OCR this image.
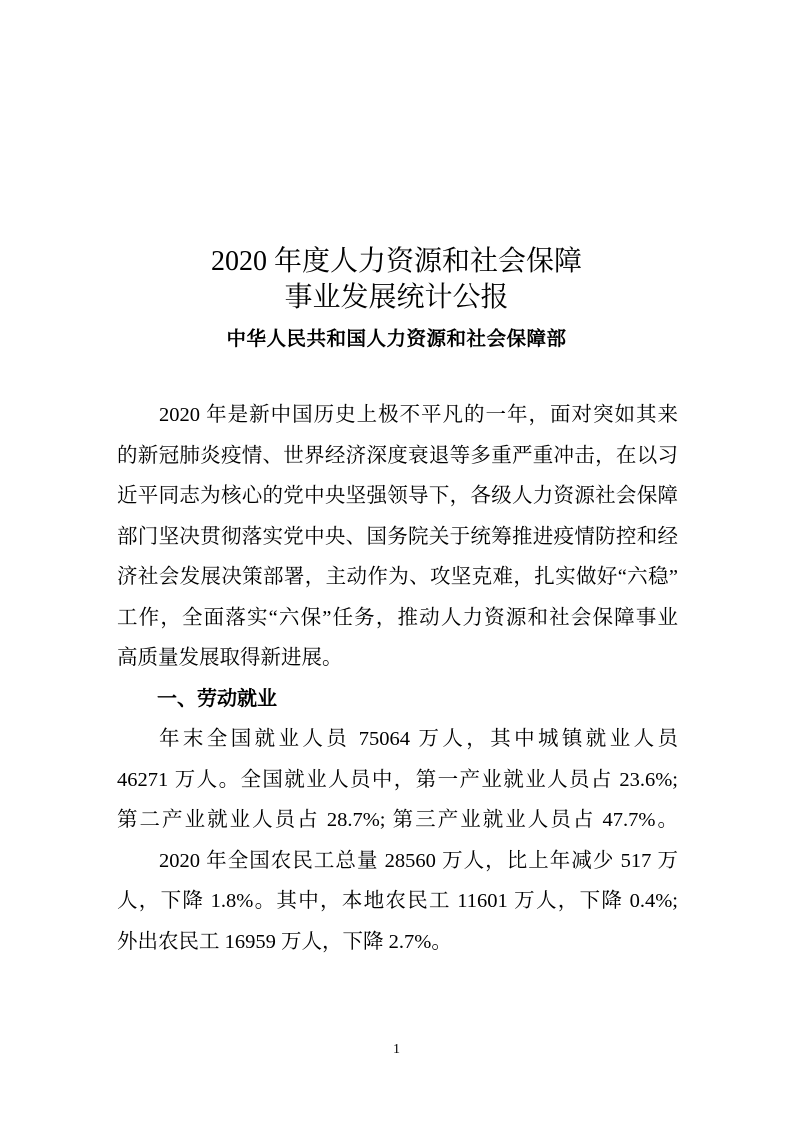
2020 年度人力资源和社会保障
事业发展统计公报
中华人民共和国人力资源和社会保障部
2020 年是新中国历史上极不平凡的一年，面对突如其来
的新冠肺炎疫情、世界经济深度衰退等多重严重冲击，在以习
近平同志为核心的党中央坚强领导下，各级人力资源社会保障
部门坚决贯彻落实党中央、国务院关于统筹推进疫情防控和经
济社会发展决策部署，主动作为、攻坚克难，扎实做好“六稳”
工作，全面落实“六保”任务，推动人力资源和社会保障事业
高质量发展取得新进展。
一、劳动就业
年末全国就业人员 75064 万人，其中城镇就业人员
46271 万人。全国就业人员中，第一产业就业人员占 23.6%;
第二产业就业人员占 28.7%; 第三产业就业人员占 47.7%。
2020 年全国农民工总量 28560 万人，比上年减少 517 万
人，下降 1.8%。其中，本地农民工 11601 万人，下降 0.4%;
外出农民工 16959 万人，下降 2.7%。
1
